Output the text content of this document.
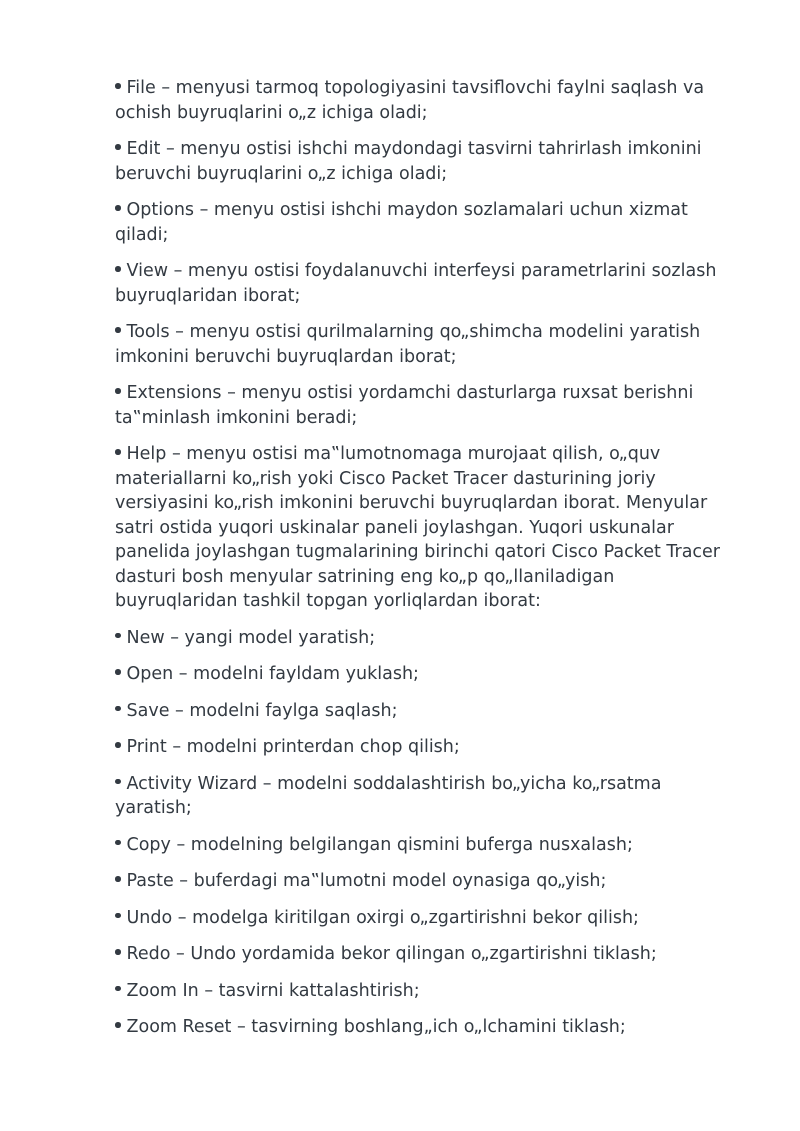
File – menyusi tarmoq topologiyasini tavsiflovchi faylni saqlash va ochish buyruqlarini o„z ichiga oladi;
Edit – menyu ostisi ishchi maydondagi tasvirni tahrirlash imkonini beruvchi buyruqlarini o„z ichiga oladi;
Options – menyu ostisi ishchi maydon sozlamalari uchun xizmat qiladi;
View – menyu ostisi foydalanuvchi interfeysi parametrlarini sozlash buyruqlaridan iborat;
Tools – menyu ostisi qurilmalarning qo„shimcha modelini yaratish imkonini beruvchi buyruqlardan iborat;
Extensions – menyu ostisi yordamchi dasturlarga ruxsat berishni ta‟minlash imkonini beradi;
Help – menyu ostisi ma‟lumotnomaga murojaat qilish, o„quv materiallarni ko„rish yoki Cisco Packet Tracer dasturining joriy versiyasini ko„rish imkonini beruvchi buyruqlardan iborat. Menyular satri ostida yuqori uskinalar paneli joylashgan. Yuqori uskunalar panelida joylashgan tugmalarining birinchi qatori Cisco Packet Tracer dasturi bosh menyular satrining eng ko„p qo„llaniladigan buyruqlaridan tashkil topgan yorliqlardan iborat:
New – yangi model yaratish;
Open – modelni fayldam yuklash;
Save – modelni faylga saqlash;
Print – modelni printerdan chop qilish;
Activity Wizard – modelni soddalashtirish bo„yicha ko„rsatma yaratish;
Copy – modelning belgilangan qismini buferga nusxalash;
Paste – buferdagi ma‟lumotni model oynasiga qo„yish;
Undo – modelga kiritilgan oxirgi o„zgartirishni bekor qilish;
Redo – Undo yordamida bekor qilingan o„zgartirishni tiklash;
Zoom In – tasvirni kattalashtirish;
Zoom Reset – tasvirning boshlang„ich o„lchamini tiklash;
